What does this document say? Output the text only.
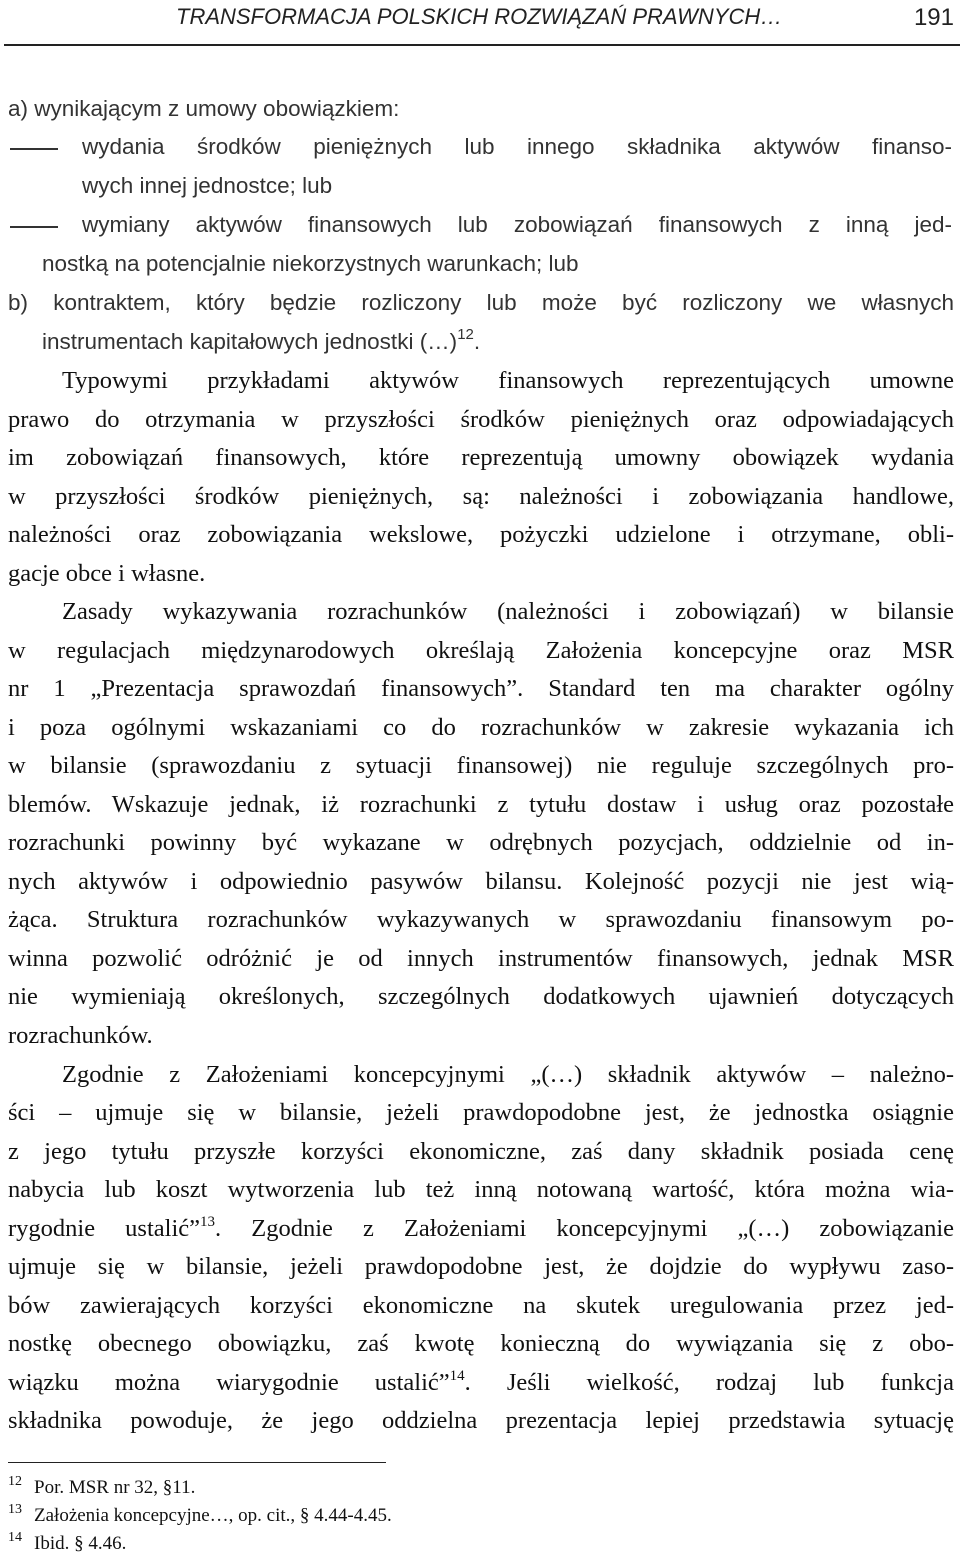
TRANSFORMACJA POLSKICH ROZWIĄZAŃ PRAWNYCH…	191
a) wynikającym z umowy obowiązkiem:
wydania środków pieniężnych lub innego składnika aktywów finanso-
wych innej jednostce; lub
wymiany aktywów finansowych lub zobowiązań finansowych z inną jed-
nostką na potencjalnie niekorzystnych warunkach; lub
b) kontraktem, który będzie rozliczony lub może być rozliczony we własnych
instrumentach kapitałowych jednostki (…)$^{12}$.
Typowymi przykładami aktywów finansowych reprezentujących umowne
prawo do otrzymania w przyszłości środków pieniężnych oraz odpowiadających
im zobowiązań finansowych, które reprezentują umowny obowiązek wydania
w przyszłości środków pieniężnych, są: należności i zobowiązania handlowe,
należności oraz zobowiązania wekslowe, pożyczki udzielone i otrzymane, obli-
gacje obce i własne.
Zasady wykazywania rozrachunków (należności i zobowiązań) w bilansie
w regulacjach międzynarodowych określają Założenia koncepcyjne oraz MSR
nr 1 „Prezentacja sprawozdań finansowych”. Standard ten ma charakter ogólny
i poza ogólnymi wskazaniami co do rozrachunków w zakresie wykazania ich
w bilansie (sprawozdaniu z sytuacji finansowej) nie reguluje szczególnych pro-
blemów. Wskazuje jednak, iż rozrachunki z tytułu dostaw i usług oraz pozostałe
rozrachunki powinny być wykazane w odrębnych pozycjach, oddzielnie od in-
nych aktywów i odpowiednio pasywów bilansu. Kolejność pozycji nie jest wią-
żąca. Struktura rozrachunków wykazywanych w sprawozdaniu finansowym po-
winna pozwolić odróżnić je od innych instrumentów finansowych, jednak MSR
nie wymieniają określonych, szczególnych dodatkowych ujawnień dotyczących
rozrachunków.
Zgodnie z Założeniami koncepcyjnymi „(…) składnik aktywów – należno-
ści – ujmuje się w bilansie, jeżeli prawdopodobne jest, że jednostka osiągnie
z jego tytułu przyszłe korzyści ekonomiczne, zaś dany składnik posiada cenę
nabycia lub koszt wytworzenia lub też inną notowaną wartość, która można wia-
rygodnie ustalić”$^{13}$. Zgodnie z Założeniami koncepcyjnymi „(…) zobowiązanie
ujmuje się w bilansie, jeżeli prawdopodobne jest, że dojdzie do wypływu zaso-
bów zawierających korzyści ekonomiczne na skutek uregulowania przez jed-
nostkę obecnego obowiązku, zaś kwotę konieczną do wywiązania się z obo-
wiązku można wiarygodnie ustalić”$^{14}$. Jeśli wielkość, rodzaj lub funkcja
składnika powoduje, że jego oddzielna prezentacja lepiej przedstawia sytuację
12 Por. MSR nr 32, §11.
13 Założenia koncepcyjne…, op. cit., § 4.44-4.45.
14 Ibid. § 4.46.
